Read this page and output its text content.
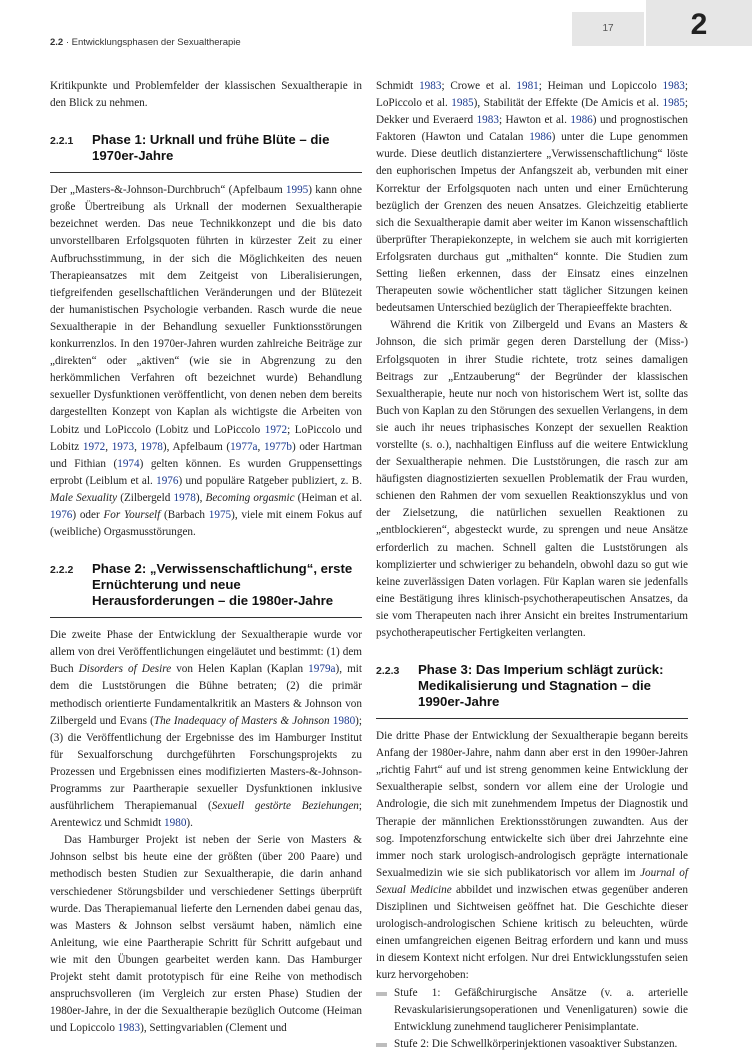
2.2 · Entwicklungsphasen der Sexualtherapie
17	2

Kritikpunkte und Problemfelder der klassischen Sexualtherapie in den Blick zu nehmen.

2.2.1 Phase 1: Urknall und frühe Blüte – die 1970er-Jahre

Der „Masters-&-Johnson-Durchbruch“ (Apfelbaum 1995) kann ohne große Übertreibung als Urknall der modernen Sexualtherapie bezeichnet werden. Das neue Technikkonzept und die bis dato unvorstellbaren Erfolgsquoten führten in kürzester Zeit zu einer Aufbruchsstimmung, in der sich die Möglichkeiten des neuen Therapieansatzes mit dem Zeitgeist von Liberalisierungen, tiefgreifenden gesellschaftlichen Veränderungen und der Blütezeit der humanistischen Psychologie verbanden. Rasch wurde die neue Sexualtherapie in der Behandlung sexueller Funktionsstörungen konkurrenzlos. In den 1970er-Jahren wurden zahlreiche Beiträge zur „direkten“ oder „aktiven“ (wie sie in Abgrenzung zu den herkömmlichen Verfahren oft bezeichnet wurde) Behandlung sexueller Dysfunktionen veröffentlicht, von denen neben dem bereits dargestellten Konzept von Kaplan als wichtigste die Arbeiten von Lobitz und LoPiccolo (Lobitz und LoPiccolo 1972; LoPiccolo und Lobitz 1972, 1973, 1978), Apfelbaum (1977a, 1977b) oder Hartman und Fithian (1974) gelten können. Es wurden Gruppensettings erprobt (Leiblum et al. 1976) und populäre Ratgeber publiziert, z. B. Male Sexuality (Zilbergeld 1978), Becoming orgasmic (Heiman et al. 1976) oder For Yourself (Barbach 1975), viele mit einem Fokus auf (weibliche) Orgasmusstörungen.

2.2.2 Phase 2: „Verwissenschaftlichung“, erste Ernüchterung und neue Herausforderungen – die 1980er-Jahre

Die zweite Phase der Entwicklung der Sexualtherapie wurde vor allem von drei Veröffentlichungen eingeläutet und bestimmt: (1) dem Buch Disorders of Desire von Helen Kaplan (Kaplan 1979a), mit dem die Luststörungen die Bühne betraten; (2) die primär methodisch orientierte Fundamentalkritik an Masters & Johnson von Zilbergeld und Evans (The Inadequacy of Masters & Johnson 1980); (3) die Veröffentlichung der Ergebnisse des im Hamburger Institut für Sexualforschung durchgeführten Forschungsprojekts zu Prozessen und Ergebnissen eines modifizierten Masters-&-Johnson-Programms zur Paartherapie sexueller Dysfunktionen inklusive ausführlichem Therapiemanual (Sexuell gestörte Beziehungen; Arentewicz und Schmidt 1980).

Das Hamburger Projekt ist neben der Serie von Masters & Johnson selbst bis heute eine der größten (über 200 Paare) und methodisch besten Studien zur Sexualtherapie, die darin anhand verschiedener Störungsbilder und verschiedener Settings überprüft wurde. Das Therapiemanual lieferte den Lernenden dabei genau das, was Masters & Johnson selbst versäumt haben, nämlich eine Anleitung, wie eine Paartherapie Schritt für Schritt aufgebaut und wie mit den Übungen gearbeitet werden kann. Das Hamburger Projekt steht damit prototypisch für eine Reihe von methodisch anspruchsvolleren (im Vergleich zur ersten Phase) Studien der 1980er-Jahre, in der die Sexualtherapie bezüglich Outcome (Heiman und Lopiccolo 1983), Settingvariablen (Clement und

Schmidt 1983; Crowe et al. 1981; Heiman und Lopiccolo 1983; LoPiccolo et al. 1985), Stabilität der Effekte (De Amicis et al. 1985; Dekker und Everaerd 1983; Hawton et al. 1986) und prognostischen Faktoren (Hawton und Catalan 1986) unter die Lupe genommen wurde. Diese deutlich distanziertere „Verwissenschaftlichung“ löste den euphorischen Impetus der Anfangszeit ab, verbunden mit einer Korrektur der Erfolgsquoten nach unten und einer Ernüchterung bezüglich der Grenzen des neuen Ansatzes. Gleichzeitig etablierte sich die Sexualtherapie damit aber weiter im Kanon wissenschaftlich überprüfter Therapiekonzepte, in welchem sie auch mit korrigierten Erfolgsraten durchaus gut „mithalten“ konnte. Die Studien zum Setting ließen erkennen, dass der Einsatz eines einzelnen Therapeuten sowie wöchentlicher statt täglicher Sitzungen keinen bedeutsamen Unterschied bezüglich der Therapieeffekte brachten.

Während die Kritik von Zilbergeld und Evans an Masters & Johnson, die sich primär gegen deren Darstellung der (Miss-) Erfolgsquoten in ihrer Studie richtete, trotz seines damaligen Beitrags zur „Entzauberung“ der Begründer der klassischen Sexualtherapie, heute nur noch von historischem Wert ist, sollte das Buch von Kaplan zu den Störungen des sexuellen Verlangens, in dem sie auch ihr neues triphasisches Konzept der sexuellen Reaktion vorstellte (s. o.), nachhaltigen Einfluss auf die weitere Entwicklung der Sexualtherapie nehmen. Die Luststörungen, die rasch zur am häufigsten diagnostizierten sexuellen Problematik der Frau wurden, schienen den Rahmen der vom sexuellen Reaktionszyklus und von der Zielsetzung, die natürlichen sexuellen Reaktionen zu „entblockieren“, abgesteckt wurde, zu sprengen und neue Ansätze erforderlich zu machen. Schnell galten die Luststörungen als komplizierter und schwieriger zu behandeln, obwohl dazu so gut wie keine zuverlässigen Daten vorlagen. Für Kaplan waren sie jedenfalls eine Bestätigung ihres klinisch-psychotherapeutischen Ansatzes, da sie vom Therapeuten nach ihrer Ansicht ein breites Instrumentarium psychotherapeutischer Fertigkeiten verlangten.

2.2.3 Phase 3: Das Imperium schlägt zurück: Medikalisierung und Stagnation – die 1990er-Jahre

Die dritte Phase der Entwicklung der Sexualtherapie begann bereits Anfang der 1980er-Jahre, nahm dann aber erst in den 1990er-Jahren „richtig Fahrt“ auf und ist streng genommen keine Entwicklung der Sexualtherapie selbst, sondern vor allem eine der Urologie und Andrologie, die sich mit zunehmendem Impetus der Diagnostik und Therapie der männlichen Erektionsstörungen zuwandten. Aus der sog. Impotenzforschung entwickelte sich über drei Jahrzehnte eine immer noch stark urologisch-andrologisch geprägte internationale Sexualmedizin wie sie sich publikatorisch vor allem im Journal of Sexual Medicine abbildet und inzwischen etwas gegenüber anderen Disziplinen und Sichtweisen geöffnet hat. Die Geschichte dieser urologisch-andrologischen Schiene kritisch zu beleuchten, würde einen umfangreichen eigenen Beitrag erfordern und kann und muss in diesem Kontext nicht erfolgen. Nur drei Entwicklungsstufen seien kurz hervorgehoben:

Stufe 1: Gefäßchirurgische Ansätze (v. a. arterielle Revaskularisierungsoperationen und Venenligaturen) sowie die Entwicklung zunehmend tauglicherer Penisimplantate.
Stufe 2: Die Schwellkörperinjektionen vasoaktiver Substanzen.
